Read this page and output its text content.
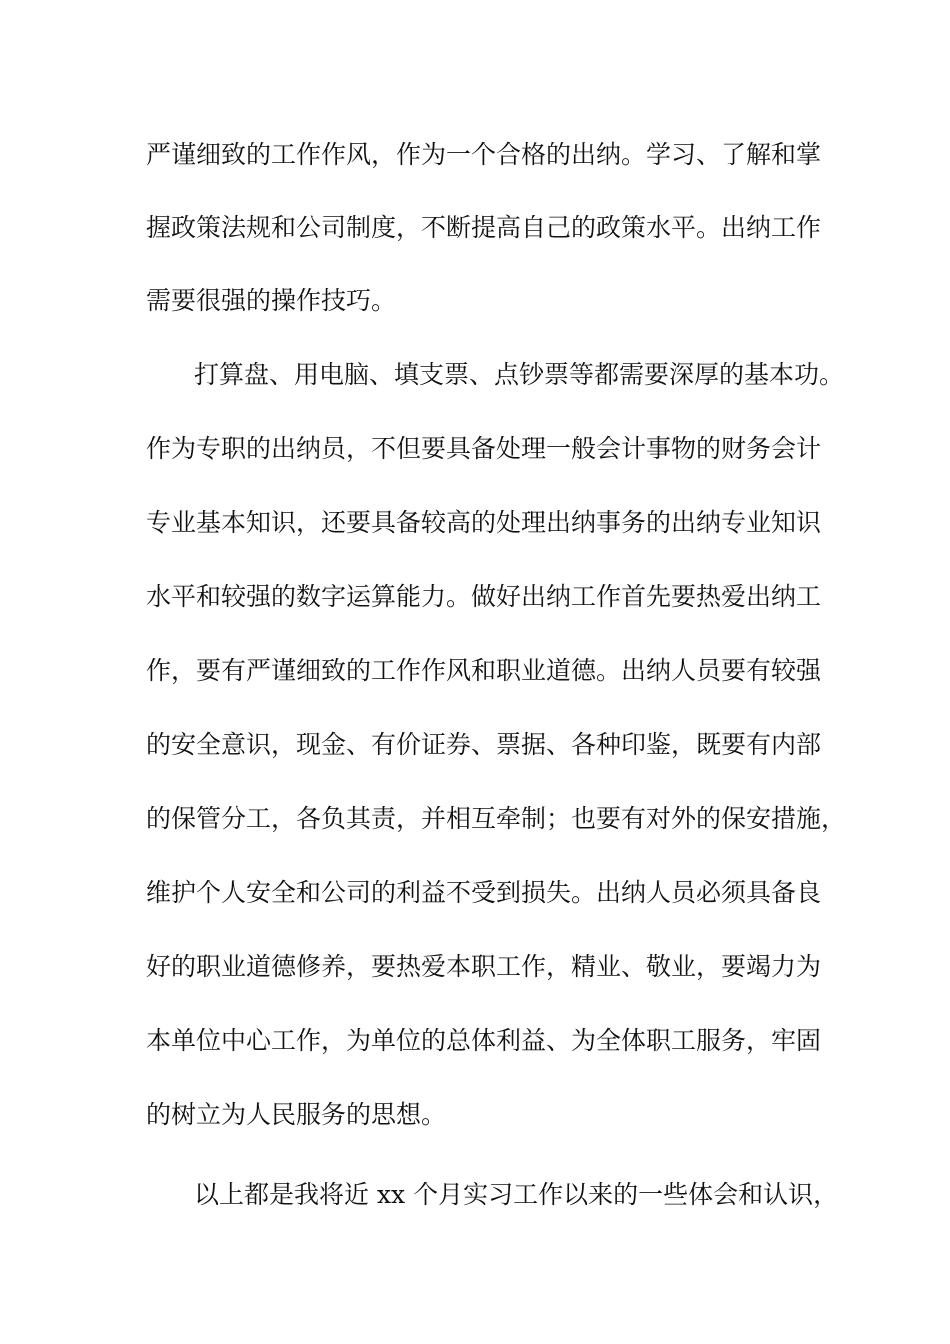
严谨细致的工作作风，作为一个合格的出纳。学习、了解和掌
握政策法规和公司制度，不断提高自己的政策水平。出纳工作
需要很强的操作技巧。
打算盘、用电脑、填支票、点钞票等都需要深厚的基本功。
作为专职的出纳员，不但要具备处理一般会计事物的财务会计
专业基本知识，还要具备较高的处理出纳事务的出纳专业知识
水平和较强的数字运算能力。做好出纳工作首先要热爱出纳工
作，要有严谨细致的工作作风和职业道德。出纳人员要有较强
的安全意识，现金、有价证券、票据、各种印鉴，既要有内部
的保管分工，各负其责，并相互牵制；也要有对外的保安措施，
维护个人安全和公司的利益不受到损失。出纳人员必须具备良
好的职业道德修养，要热爱本职工作，精业、敬业，要竭力为
本单位中心工作，为单位的总体利益、为全体职工服务，牢固
的树立为人民服务的思想。
以上都是我将近 xx 个月实习工作以来的一些体会和认识，
